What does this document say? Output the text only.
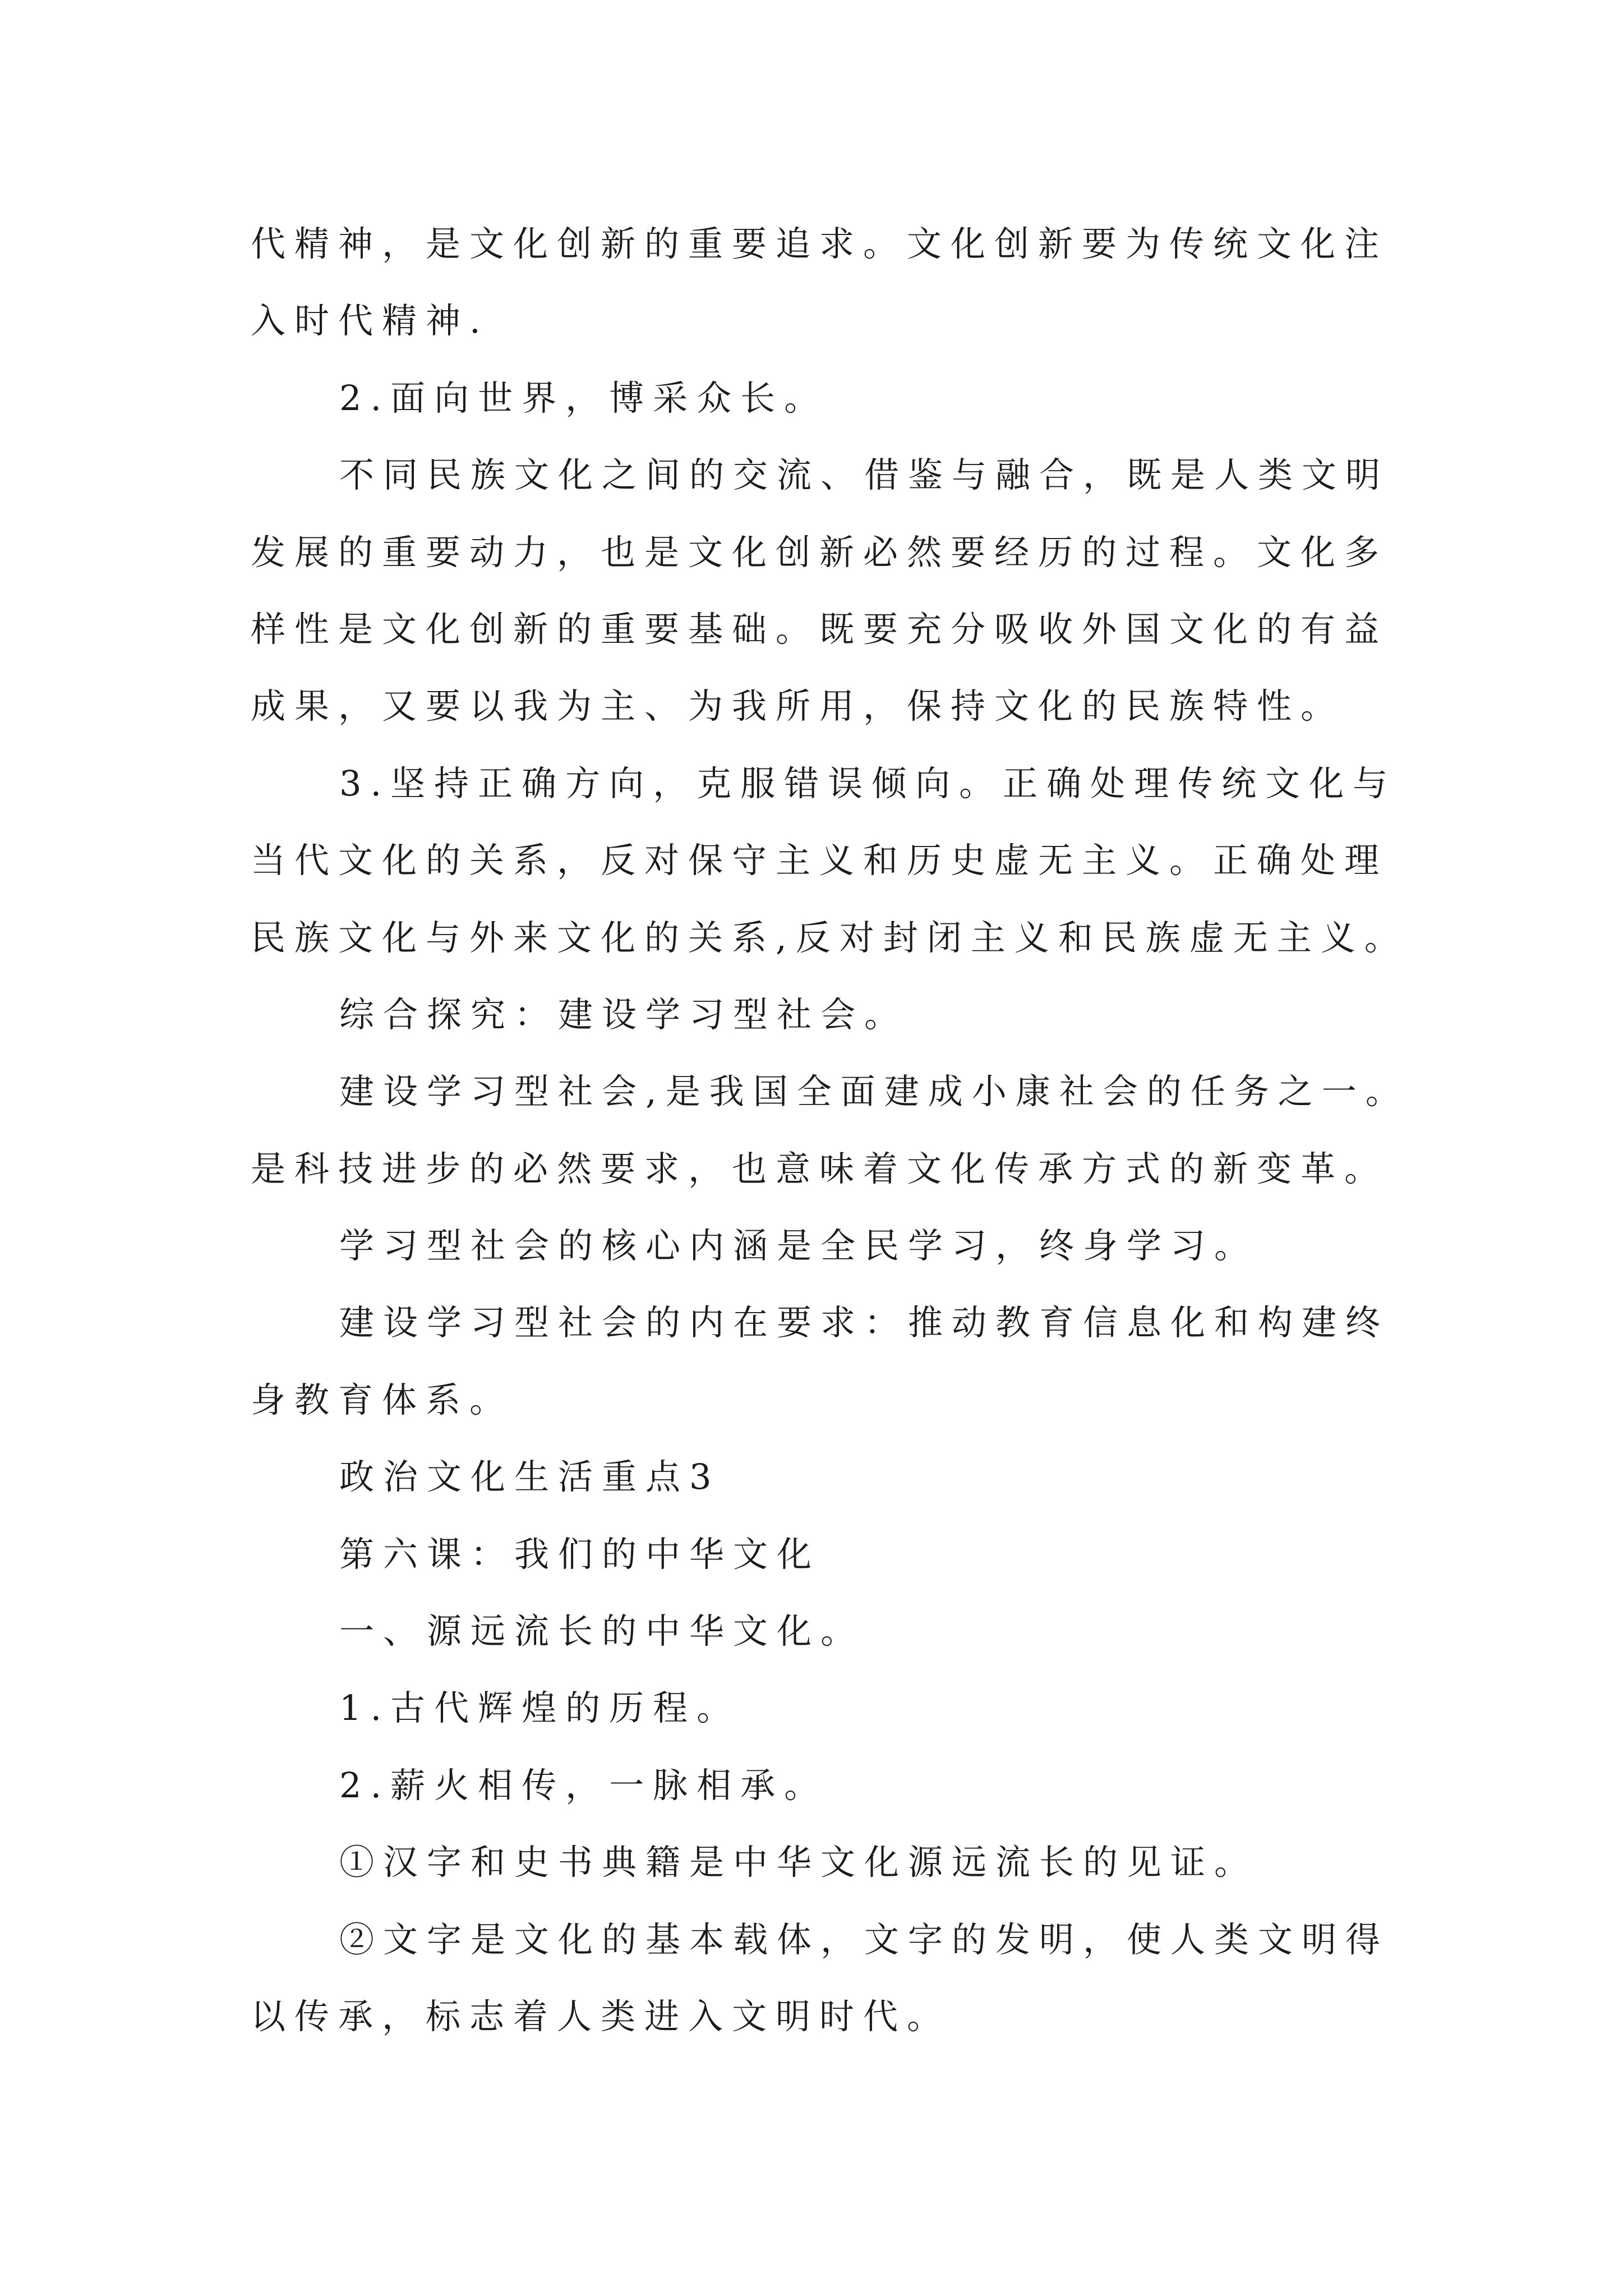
代精神，是文化创新的重要追求。文化创新要为传统文化注
入时代精神.
2.面向世界，博采众长。
不同民族文化之间的交流、借鉴与融合，既是人类文明
发展的重要动力，也是文化创新必然要经历的过程。文化多
样性是文化创新的重要基础。既要充分吸收外国文化的有益
成果，又要以我为主、为我所用，保持文化的民族特性。
3.坚持正确方向，克服错误倾向。正确处理传统文化与
当代文化的关系，反对保守主义和历史虚无主义。正确处理
民族文化与外来文化的关系,反对封闭主义和民族虚无主义。
综合探究：建设学习型社会。
建设学习型社会,是我国全面建成小康社会的任务之一。
是科技进步的必然要求，也意味着文化传承方式的新变革。
学习型社会的核心内涵是全民学习，终身学习。
建设学习型社会的内在要求：推动教育信息化和构建终
身教育体系。
政治文化生活重点3
第六课：我们的中华文化
一、源远流长的中华文化。
1.古代辉煌的历程。
2.薪火相传，一脉相承。
①汉字和史书典籍是中华文化源远流长的见证。
②文字是文化的基本载体，文字的发明，使人类文明得
以传承，标志着人类进入文明时代。
